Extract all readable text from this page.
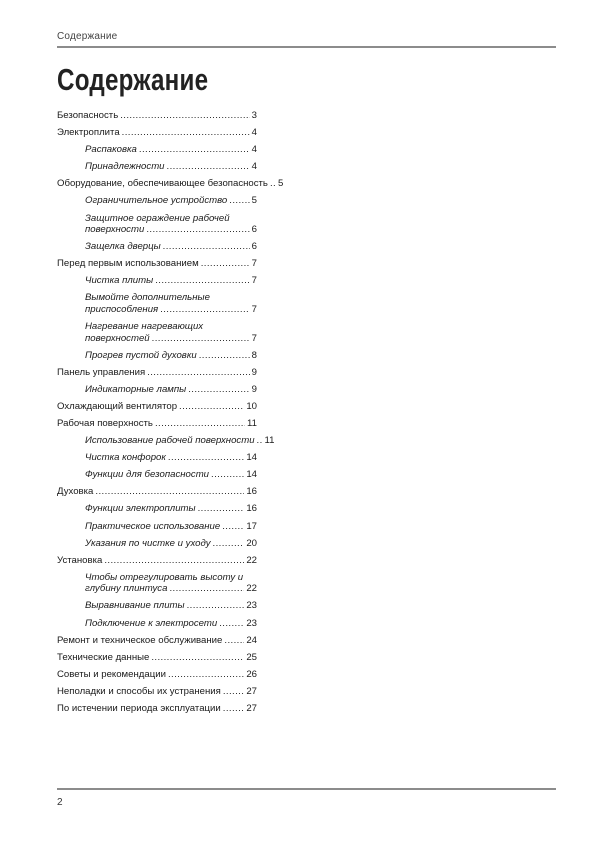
Содержание
Содержание
Безопасность .....	3
Электроплита .....	4
Распаковка .....	4
Принадлежности .....	4
Оборудование, обеспечивающее безопасность ..... 5
Ограничительное устройство .....	5
Защитное ограждение рабочей
поверхности .....	6
Защелка дверцы .....	6
Перед первым использованием .....	7
Чистка плиты .....	7
Вымойте дополнительные
приспособления .....	7
Нагревание нагревающих
поверхностей .....	7
Прогрев пустой духовки .....	8
Панель управления .....	9
Индикаторные лампы .....	9
Охлаждающий вентилятор .....	10
Рабочая поверхность .....	11
Использование рабочей поверхности ..... 11
Чистка конфорок .....	14
Функции для безопасности .....	14
Духовка .....	16
Функции электроплиты .....	16
Практическое использование .....	17
Указания по чистке и уходу .....	20
Установка .....	22
Чтобы отрегулировать высоту и
глубину плинтуса .....	22
Выравнивание плиты .....	23
Подключение к электросети .....	23
Ремонт и техническое обслуживание ..... 24
Технические данные .....	25
Советы и рекомендации .....	26
Неполадки и способы их устранения .....	27
По истечении периода эксплуатации .....	27
2
